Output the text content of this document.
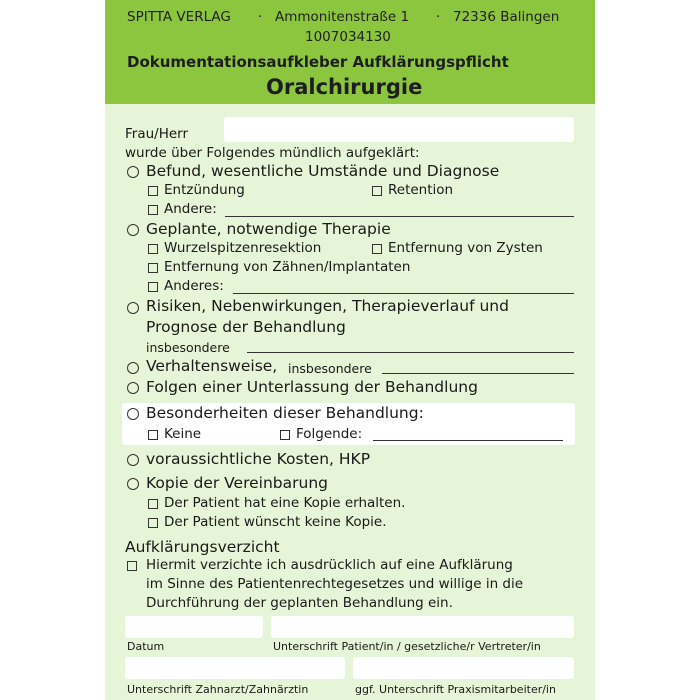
SPITTA VERLAG · Ammonitenstraße 1 · 72336 Balingen
1007034130
Dokumentationsaufkleber Aufklärungspflicht
Oralchirurgie
Frau/Herr
wurde über Folgendes mündlich aufgeklärt:
Befund, wesentliche Umstände und Diagnose
Entzündung	Retention
Andere:
Geplante, notwendige Therapie
Wurzelspitzenresektion	Entfernung von Zysten
Entfernung von Zähnen/Implantaten
Anderes:
Risiken, Nebenwirkungen, Therapieverlauf und
Prognose der Behandlung
insbesondere
Verhaltensweise, insbesondere
Folgen einer Unterlassung der Behandlung
Besonderheiten dieser Behandlung:
Keine	Folgende:
voraussichtliche Kosten, HKP
Kopie der Vereinbarung
Der Patient hat eine Kopie erhalten.
Der Patient wünscht keine Kopie.
Aufklärungsverzicht
Hiermit verzichte ich ausdrücklich auf eine Aufklärung
im Sinne des Patientenrechtegesetzes und willige in die
Durchführung der geplanten Behandlung ein.
Datum	Unterschrift Patient/in / gesetzliche/r Vertreter/in
Unterschrift Zahnarzt/Zahnärztin	ggf. Unterschrift Praxismitarbeiter/in
